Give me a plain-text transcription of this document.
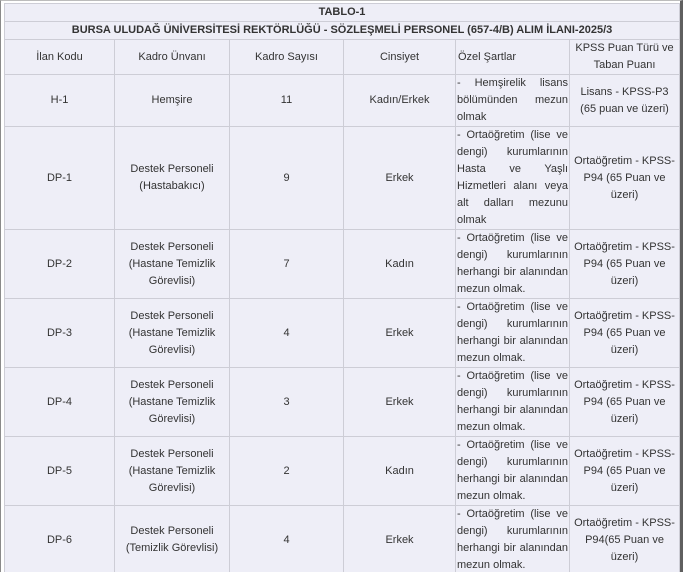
TABLO-1					
BURSA ULUDAĞ ÜNİVERSİTESİ REKTÖRLÜĞÜ - SÖZLEŞMELİ PERSONEL (657-4/B) ALIM İLANI-2025/3					
İlan Kodu	Kadro Ünvanı	Kadro Sayısı	Cinsiyet	Özel Şartlar	KPSS Puan Türü ve Taban Puanı
H-1	Hemşire	11	Kadın/Erkek	- Hemşirelik lisans bölümünden mezun olmak	Lisans - KPSS-P3 (65 puan ve üzeri)
DP-1	Destek Personeli (Hastabakıcı)	9	Erkek	- Ortaöğretim (lise ve dengi) kurumlarının Hasta ve Yaşlı Hizmetleri alanı veya alt dalları mezunu olmak	Ortaöğretim - KPSS-P94 (65 Puan ve üzeri)
DP-2	Destek Personeli (Hastane Temizlik Görevlisi)	7	Kadın	- Ortaöğretim (lise ve dengi) kurumlarının herhangi bir alanından mezun olmak.	Ortaöğretim - KPSS-P94 (65 Puan ve üzeri)
DP-3	Destek Personeli (Hastane Temizlik Görevlisi)	4	Erkek	- Ortaöğretim (lise ve dengi) kurumlarının herhangi bir alanından mezun olmak.	Ortaöğretim - KPSS-P94 (65 Puan ve üzeri)
DP-4	Destek Personeli (Hastane Temizlik Görevlisi)	3	Erkek	- Ortaöğretim (lise ve dengi) kurumlarının herhangi bir alanından mezun olmak.	Ortaöğretim - KPSS-P94 (65 Puan ve üzeri)
DP-5	Destek Personeli (Hastane Temizlik Görevlisi)	2	Kadın	- Ortaöğretim (lise ve dengi) kurumlarının herhangi bir alanından mezun olmak.	Ortaöğretim - KPSS-P94 (65 Puan ve üzeri)
DP-6	Destek Personeli (Temizlik Görevlisi)	4	Erkek	- Ortaöğretim (lise ve dengi) kurumlarının herhangi bir alanından mezun olmak.	Ortaöğretim - KPSS-P94(65 Puan ve üzeri)
